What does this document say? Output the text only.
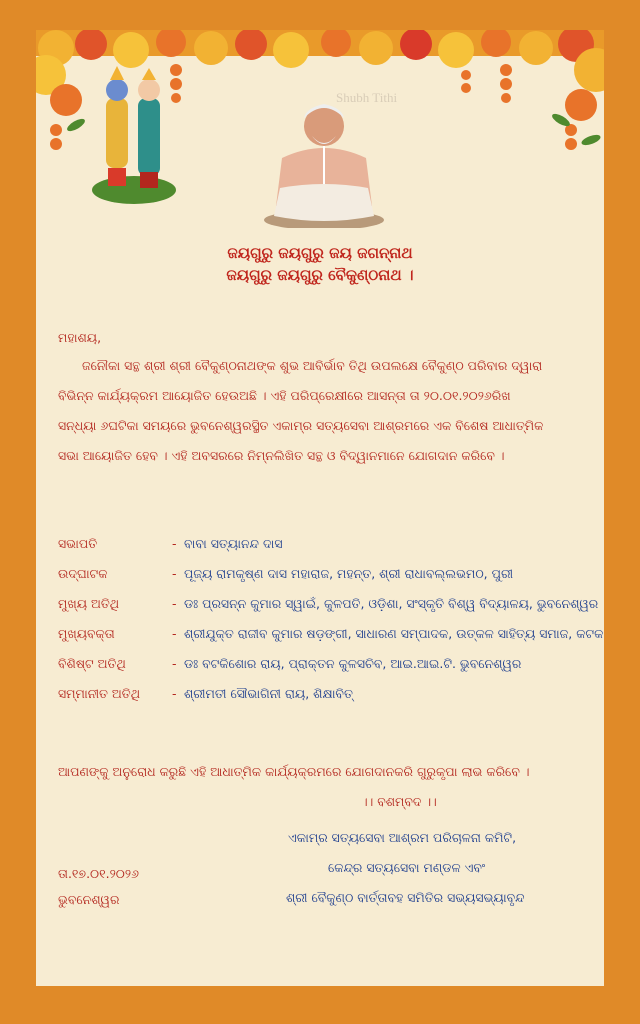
Shubh Tithi
ଜୟଗୁରୁ ଜୟଗୁରୁ ଜୟ ଜଗନ୍ନାଥ
ଜୟଗୁରୁ ଜୟଗୁରୁ ବୈକୁଣ୍ଠନାଥ ।
ମହାଶୟ,
ଜନୌକା ସନ୍ଥ ଶ୍ରୀ ଶ୍ରୀ ବୈକୁଣ୍ଠନାଥଙ୍କ ଶୁଭ ଆବିର୍ଭାବ ତିଥି ଉପଲକ୍ଷେ ବୈକୁଣ୍ଠ ପରିବାର ଦ୍ୱାରା
ବିଭିନ୍ନ କାର୍ଯ୍ୟକ୍ରମ ଆୟୋଜିତ ହେଉଅଛି । ଏହି ପରିପ୍ରେକ୍ଷୀରେ ଆସନ୍ତା ତା ୨୦.୦୧.୨୦୨୬ରିଖ
ସନ୍ଧ୍ୟା ୬ଘଟିକା ସମୟରେ ଭୁବନେଶ୍ୱରସ୍ଥିତ ଏକାମ୍ର ସତ୍ୟସେବା ଆଶ୍ରମରେ ଏକ ବିଶେଷ ଆଧାତ୍ମିକ
ସଭା ଆୟୋଜିତ ହେବ । ଏହି ଅବସରରେ ନିମ୍ନଲିଖିତ ସନ୍ଥ ଓ ବିଦ୍ୱାନମାନେ ଯୋଗଦାନ କରିବେ ।
ସଭାପତି	- ବାବା ସତ୍ୟାନନ୍ଦ ଦାସ
ଉଦ୍‌ଘାଟକ	- ପୂଜ୍ୟ ରାମକୃଷ୍ଣ ଦାସ ମହାରାଜ, ମହନ୍ତ, ଶ୍ରୀ ରାଧାବଲ୍ଲଭମଠ, ପୁରୀ
ମୁଖ୍ୟ ଅତିଥି	- ଡଃ ପ୍ରସନ୍ନ କୁମାର ସ୍ୱାଇଁ, କୁଳପତି, ଓଡ଼ିଶା, ସଂସ୍କୃତି ବିଶ୍ୱ ବିଦ୍ୟାଳୟ, ଭୁବନେଶ୍ୱର
ମୁଖ୍ୟବକ୍ତା	- ଶ୍ରୀଯୁକ୍ତ ରାଜୀବ କୁମାର ଷଡ଼ଙ୍ଗୀ, ସାଧାରଣ ସମ୍ପାଦକ, ଉତ୍କଳ ସାହିତ୍ୟ ସମାଜ, କଟକ
ବିଶିଷ୍ଟ ଅତିଥି	- ଡଃ ବଟକିଶୋର ରାୟ, ପ୍ରାକ୍ତନ କୁଳସଚିବ, ଆଇ.ଆଇ.ଟି. ଭୁବନେଶ୍ୱର
ସମ୍ମାନୀତ ଅତିଥି	- ଶ୍ରୀମତୀ ସୌଭାଗିନୀ ରାୟ, ଶିକ୍ଷାବିତ୍
ଆପଣଙ୍କୁ ଅନୁରୋଧ କରୁଛି ଏହି ଆଧାତ୍ମିକ କାର୍ଯ୍ୟକ୍ରମରେ ଯୋଗଦାନକରି ଗୁରୁକୃପା ଲାଭ କରିବେ ।
।। ବଶମ୍ବଦ ।।
ଏକାମ୍ର ସତ୍ୟସେବା ଆଶ୍ରମ ପରିଚାଳନା କମିଟି,
କେନ୍ଦ୍ର ସତ୍ୟସେବା ମଣ୍ଡଳ ଏବଂ
ଶ୍ରୀ ବୈକୁଣ୍ଠ ବାର୍ତ୍ତାବହ ସମିତିର ସଭ୍ୟସଭ୍ୟାବୃନ୍ଦ
ତା.୧୭.୦୧.୨୦୨୬
ଭୁବନେଶ୍ୱର
